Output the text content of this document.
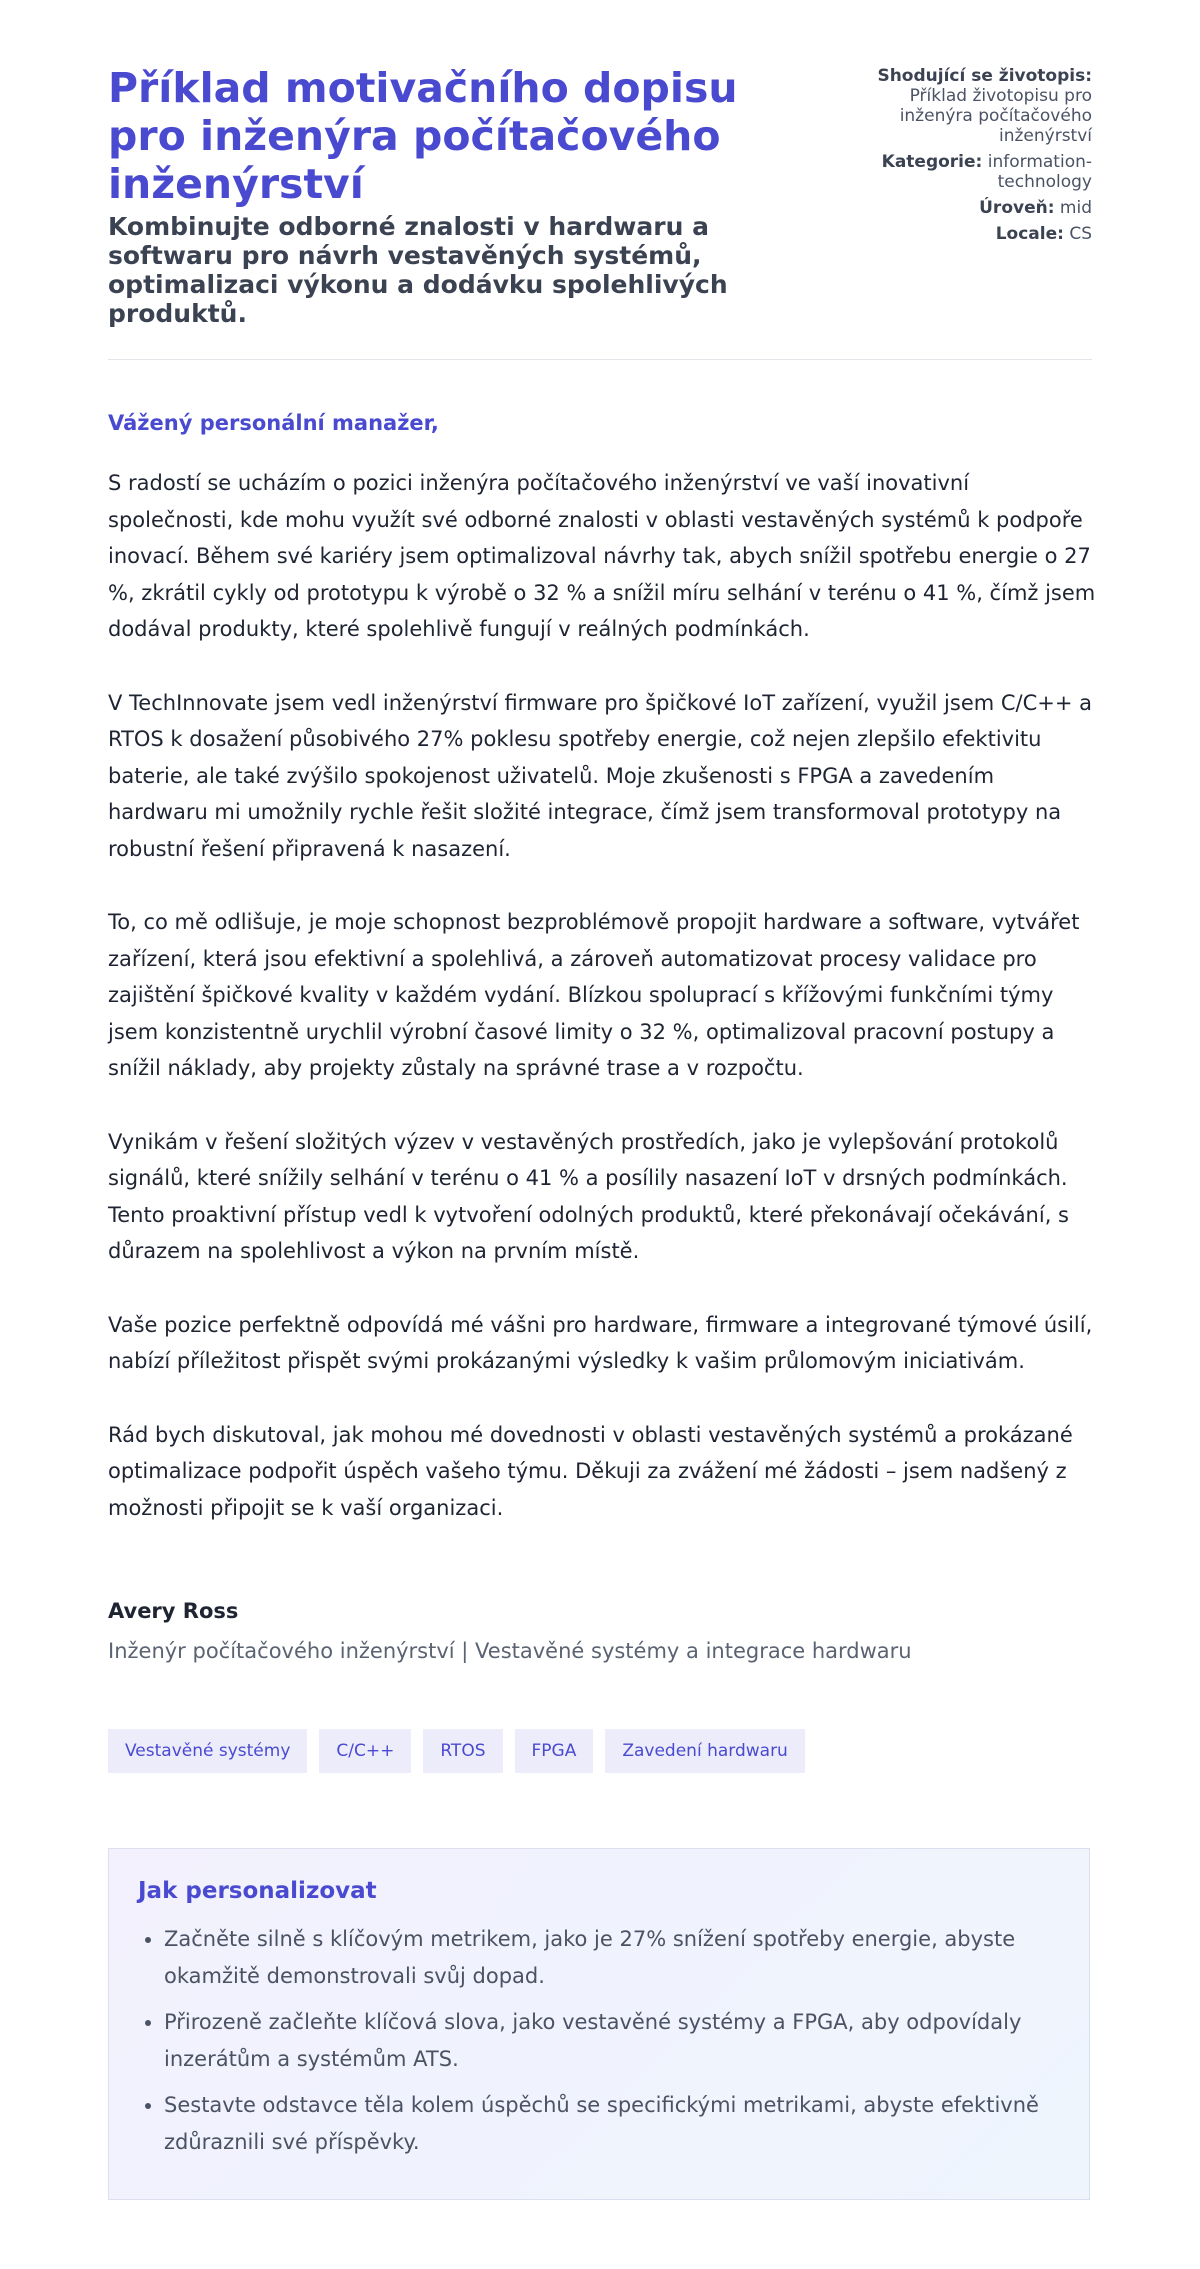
Příklad motivačního dopisu pro inženýra počítačového inženýrství
Kombinujte odborné znalosti v hardwaru a softwaru pro návrh vestavěných systémů, optimalizaci výkonu a dodávku spolehlivých produktů.
Shodující se životopis:
Příklad životopisu pro inženýra počítačového inženýrství
Kategorie: information-technology
Úroveň: mid
Locale: CS

Vážený personální manažer,

S radostí se ucházím o pozici inženýra počítačového inženýrství ve vaší inovativní společnosti, kde mohu využít své odborné znalosti v oblasti vestavěných systémů k podpoře inovací. Během své kariéry jsem optimalizoval návrhy tak, abych snížil spotřebu energie o 27 %, zkrátil cykly od prototypu k výrobě o 32 % a snížil míru selhání v terénu o 41 %, čímž jsem dodával produkty, které spolehlivě fungují v reálných podmínkách.

V TechInnovate jsem vedl inženýrství firmware pro špičkové IoT zařízení, využil jsem C/C++ a RTOS k dosažení působivého 27% poklesu spotřeby energie, což nejen zlepšilo efektivitu baterie, ale také zvýšilo spokojenost uživatelů. Moje zkušenosti s FPGA a zavedením hardwaru mi umožnily rychle řešit složité integrace, čímž jsem transformoval prototypy na robustní řešení připravená k nasazení.

To, co mě odlišuje, je moje schopnost bezproblémově propojit hardware a software, vytvářet zařízení, která jsou efektivní a spolehlivá, a zároveň automatizovat procesy validace pro zajištění špičkové kvality v každém vydání. Blízkou spoluprací s křížovými funkčními týmy jsem konzistentně urychlil výrobní časové limity o 32 %, optimalizoval pracovní postupy a snížil náklady, aby projekty zůstaly na správné trase a v rozpočtu.

Vynikám v řešení složitých výzev v vestavěných prostředích, jako je vylepšování protokolů signálů, které snížily selhání v terénu o 41 % a posílily nasazení IoT v drsných podmínkách. Tento proaktivní přístup vedl k vytvoření odolných produktů, které překonávají očekávání, s důrazem na spolehlivost a výkon na prvním místě.

Vaše pozice perfektně odpovídá mé vášni pro hardware, firmware a integrované týmové úsilí, nabízí příležitost přispět svými prokázanými výsledky k vašim průlomovým iniciativám.

Rád bych diskutoval, jak mohou mé dovednosti v oblasti vestavěných systémů a prokázané optimalizace podpořit úspěch vašeho týmu. Děkuji za zvážení mé žádosti – jsem nadšený z možnosti připojit se k vaší organizaci.

Avery Ross

Inženýr počítačového inženýrství | Vestavěné systémy a integrace hardwaru

Vestavěné systémy	C/C++	RTOS	FPGA	Zavedení hardwaru
Jak personalizovat
• Začněte silně s klíčovým metrikem, jako je 27% snížení spotřeby energie, abyste okamžitě demonstrovali svůj dopad.
• Přirozeně začleňte klíčová slova, jako vestavěné systémy a FPGA, aby odpovídaly inzerátům a systémům ATS.
• Sestavte odstavce těla kolem úspěchů se specifickými metrikami, abyste efektivně zdůraznili své příspěvky.
